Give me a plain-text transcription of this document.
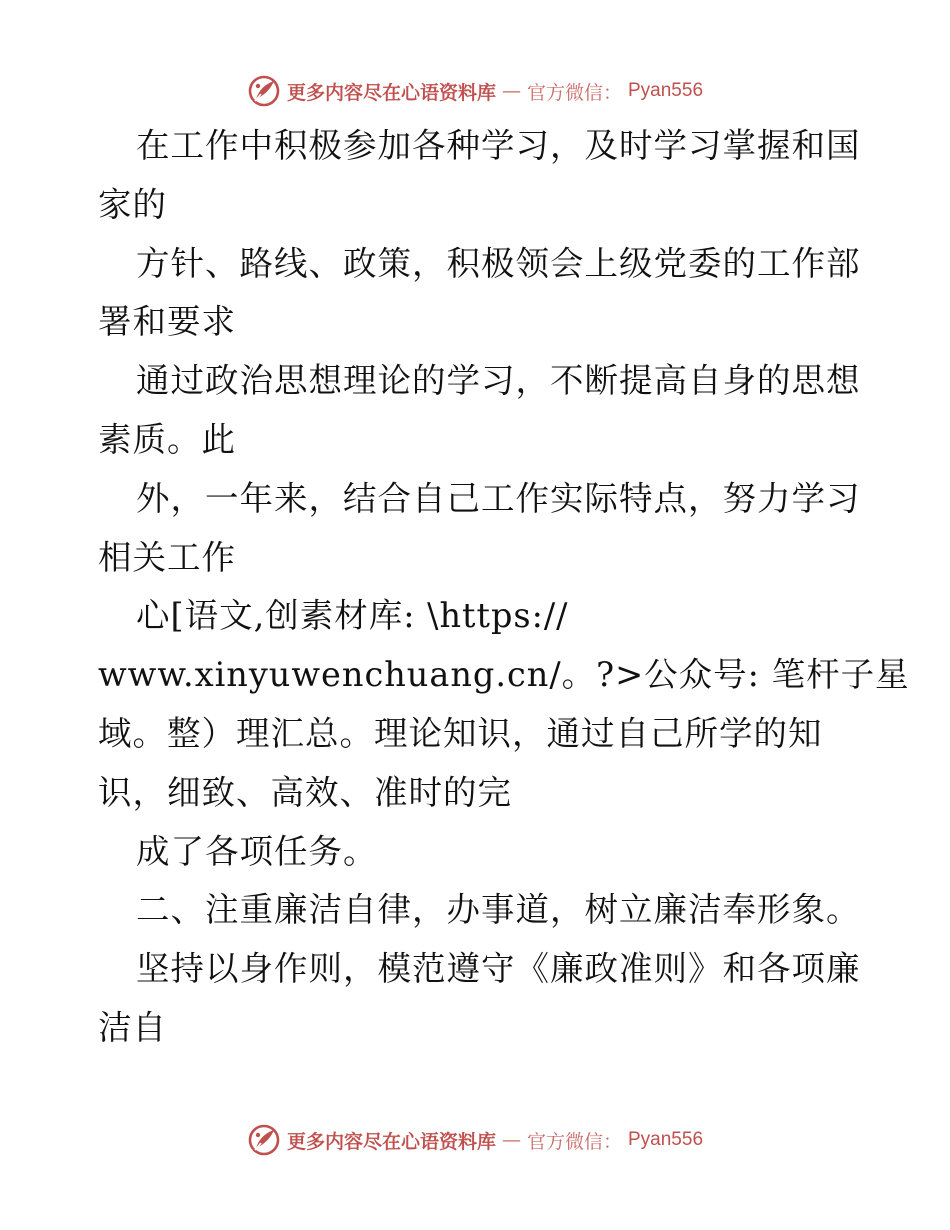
更多内容尽在心语资料库 — 官方微信： Pyan556
在工作中积极参加各种学习，及时学习掌握和国
家的
方针、路线、政策，积极领会上级党委的工作部
署和要求
通过政治思想理论的学习，不断提高自身的思想
素质。此
外，一年来，结合自己工作实际特点，努力学习
相关工作
心[语文,创素材库: \https://
www.xinyuwenchuang.cn/。?>公众号: 笔杆子星
域。整）理汇总。理论知识，通过自己所学的知
识，细致、高效、准时的完
成了各项任务。
二、注重廉洁自律，办事道，树立廉洁奉形象。
坚持以身作则，模范遵守《廉政准则》和各项廉
洁自
更多内容尽在心语资料库 — 官方微信： Pyan556
